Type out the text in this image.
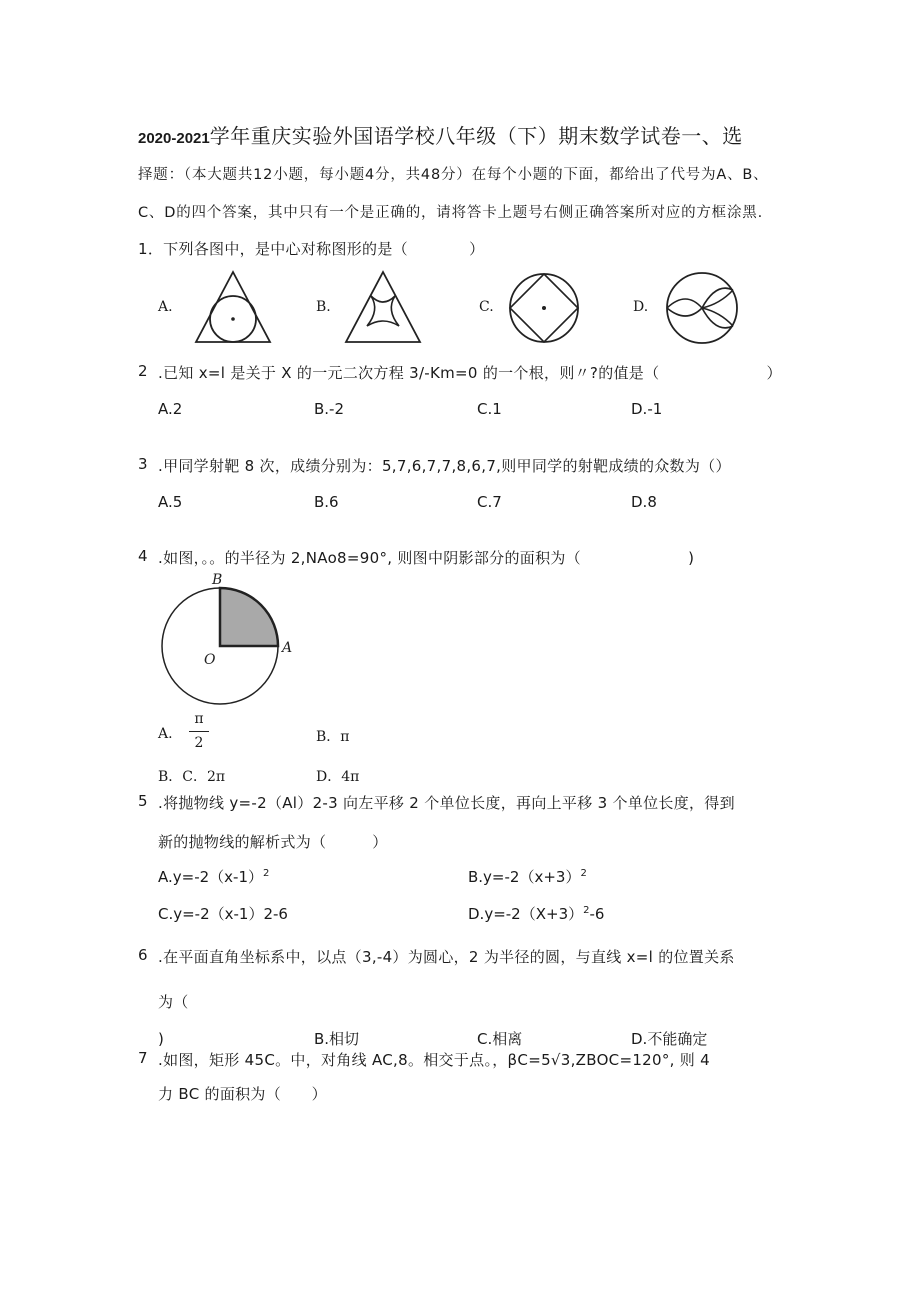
2020-2021学年重庆实验外国语学校八年级（下）期末数学试卷一、选
择题：（本大题共12小题，每小题4分，共48分）在每个小题的下面，都给出了代号为A、B、
C、D的四个答案，其中只有一个是正确的，请将答卡上题号右侧正确答案所对应的方框涂黑.
1．下列各图中，是中心对称图形的是（　　　　）
A.	B.	C.	D.
2 .已知 x=l 是关于 X 的一元二次方程 3/-Km=0 的一个根，则〃?的值是（　　　　　　　）
A.2	B.-2	C.1	D.-1
3 .甲同学射靶 8 次，成绩分别为：5,7,6,7,7,8,6,7,则甲同学的射靶成绩的众数为（）
A.5	B.6	C.7	D.8
4 .如图，。。的半径为 2,NAo8=90°, 则图中阴影部分的面积为（　　　　　　　)
B
O
A
A.
π
2	B．π
B．C．2π	D．4π
5 .将抛物线 y=-2（Al）2-3 向左平移 2 个单位长度，再向上平移 3 个单位长度，得到
新的抛物线的解析式为（　　　）
$A.y=-2(x-1)^2$	$B.y=-2(x+3)^2$
C.y=-2（x-1）2-6	$D.y=-2(X+3)^2-6$
6 .在平面直角坐标系中，以点（3,-4）为圆心，2 为半径的圆，与直线 x=l 的位置关系
为（
)	B.相切	C.相离	D.不能确定
7 .如图，矩形 45C。中，对角线 AC,8。相交于点。，βC=5√3,ZBOC=120°, 则 4
力 BC 的面积为（　　）
